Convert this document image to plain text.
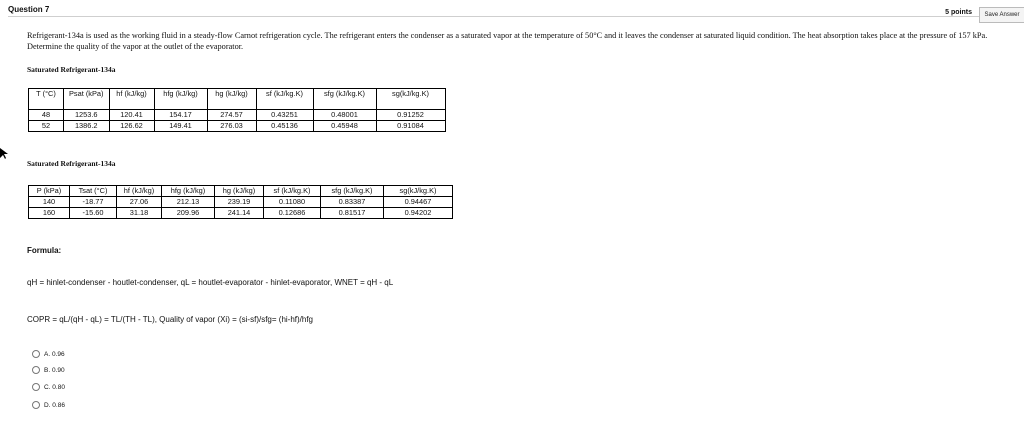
Question 7	5 points	Save Answer
Refrigerant-134a is used as the working fluid in a steady-flow Carnot refrigeration cycle. The refrigerant enters the condenser as a saturated vapor at the temperature of 50°C and it leaves the condenser at saturated liquid condition. The heat absorption takes place at the pressure of 157 kPa. Determine the quality of the vapor at the outlet of the evaporator.
Saturated Refrigerant-134a
T (°C)	Psat (kPa)	hf (kJ/kg)	hfg (kJ/kg)	hg (kJ/kg)	sf (kJ/kg.K)	sfg (kJ/kg.K)	sg(kJ/kg.K)
48	1253.6	120.41	154.17	274.57	0.43251	0.48001	0.91252
52	1386.2	126.62	149.41	276.03	0.45136	0.45948	0.91084
Saturated Refrigerant-134a
P (kPa)	Tsat (°C)	hf (kJ/kg)	hfg (kJ/kg)	hg (kJ/kg)	sf (kJ/kg.K)	sfg (kJ/kg.K)	sg(kJ/kg.K)
140	-18.77	27.06	212.13	239.19	0.11080	0.83387	0.94467
160	-15.60	31.18	209.96	241.14	0.12686	0.81517	0.94202
Formula:
qH = hinlet-condenser - houtlet-condenser, qL = houtlet-evaporator - hinlet-evaporator, WNET = qH - qL
COPR = qL/(qH - qL) = TL/(TH - TL), Quality of vapor (Xi) = (si-sf)/sfg= (hi-hf)/hfg
A. 0.96
B. 0.90
C. 0.80
D. 0.86
